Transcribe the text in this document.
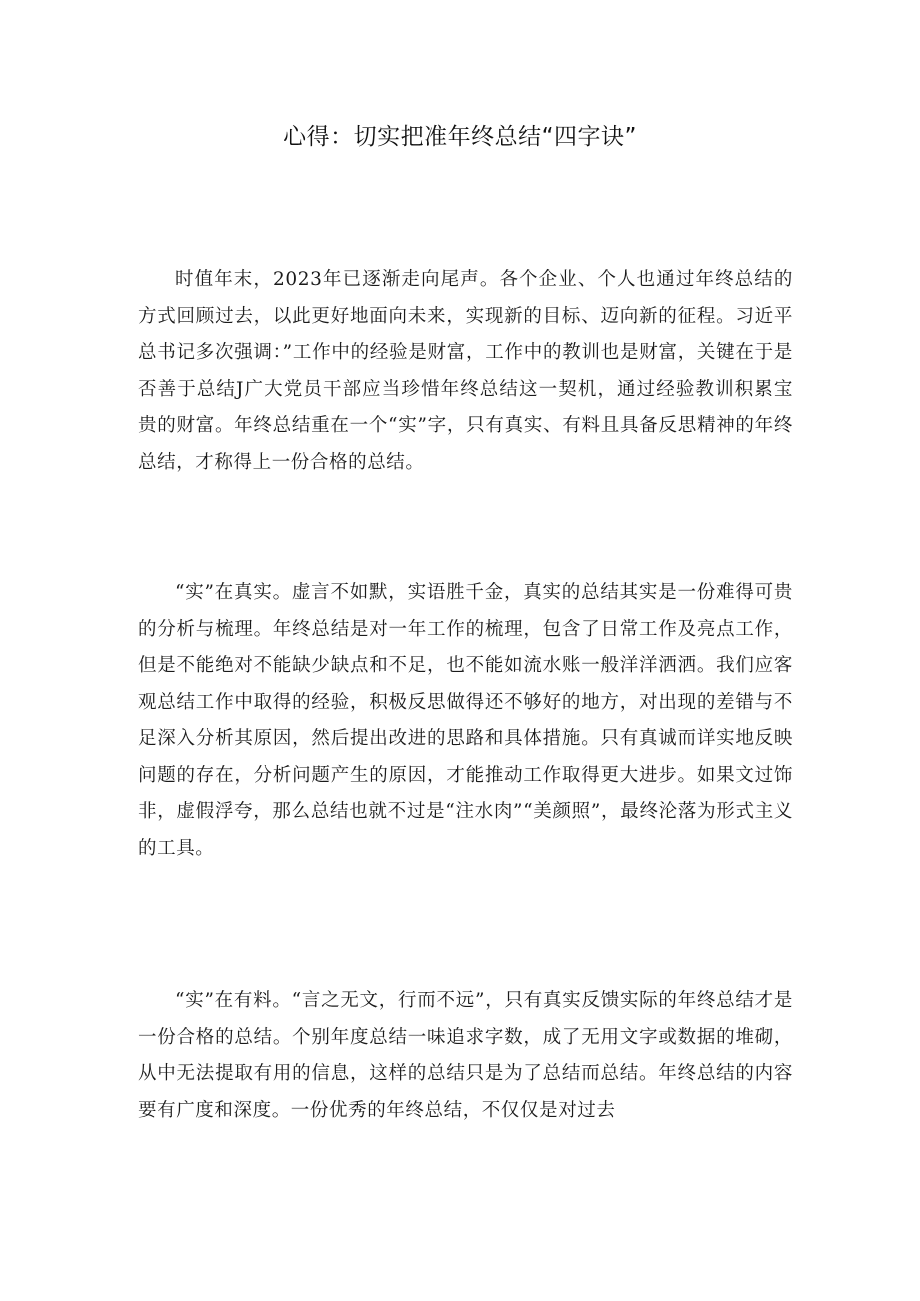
心得：切实把准年终总结“四字诀”

时值年末，2023年已逐渐走向尾声。各个企业、个人也通过年终总结的方式回顾过去，以此更好地面向未来，实现新的目标、迈向新的征程。习近平总书记多次强调：”工作中的经验是财富，工作中的教训也是财富，关键在于是否善于总结J广大党员干部应当珍惜年终总结这一契机，通过经验教训积累宝贵的财富。年终总结重在一个“实”字，只有真实、有料且具备反思精神的年终总结，才称得上一份合格的总结。

“实”在真实。虚言不如默，实语胜千金，真实的总结其实是一份难得可贵的分析与梳理。年终总结是对一年工作的梳理，包含了日常工作及亮点工作，但是不能绝对不能缺少缺点和不足，也不能如流水账一般洋洋洒洒。我们应客观总结工作中取得的经验，积极反思做得还不够好的地方，对出现的差错与不足深入分析其原因，然后提出改进的思路和具体措施。只有真诚而详实地反映问题的存在，分析问题产生的原因，才能推动工作取得更大进步。如果文过饰非，虚假浮夸，那么总结也就不过是“注水肉”“美颜照”，最终沦落为形式主义的工具。

“实”在有料。“言之无文，行而不远”，只有真实反馈实际的年终总结才是一份合格的总结。个别年度总结一味追求字数，成了无用文字或数据的堆砌，从中无法提取有用的信息，这样的总结只是为了总结而总结。年终总结的内容要有广度和深度。一份优秀的年终总结，不仅仅是对过去
